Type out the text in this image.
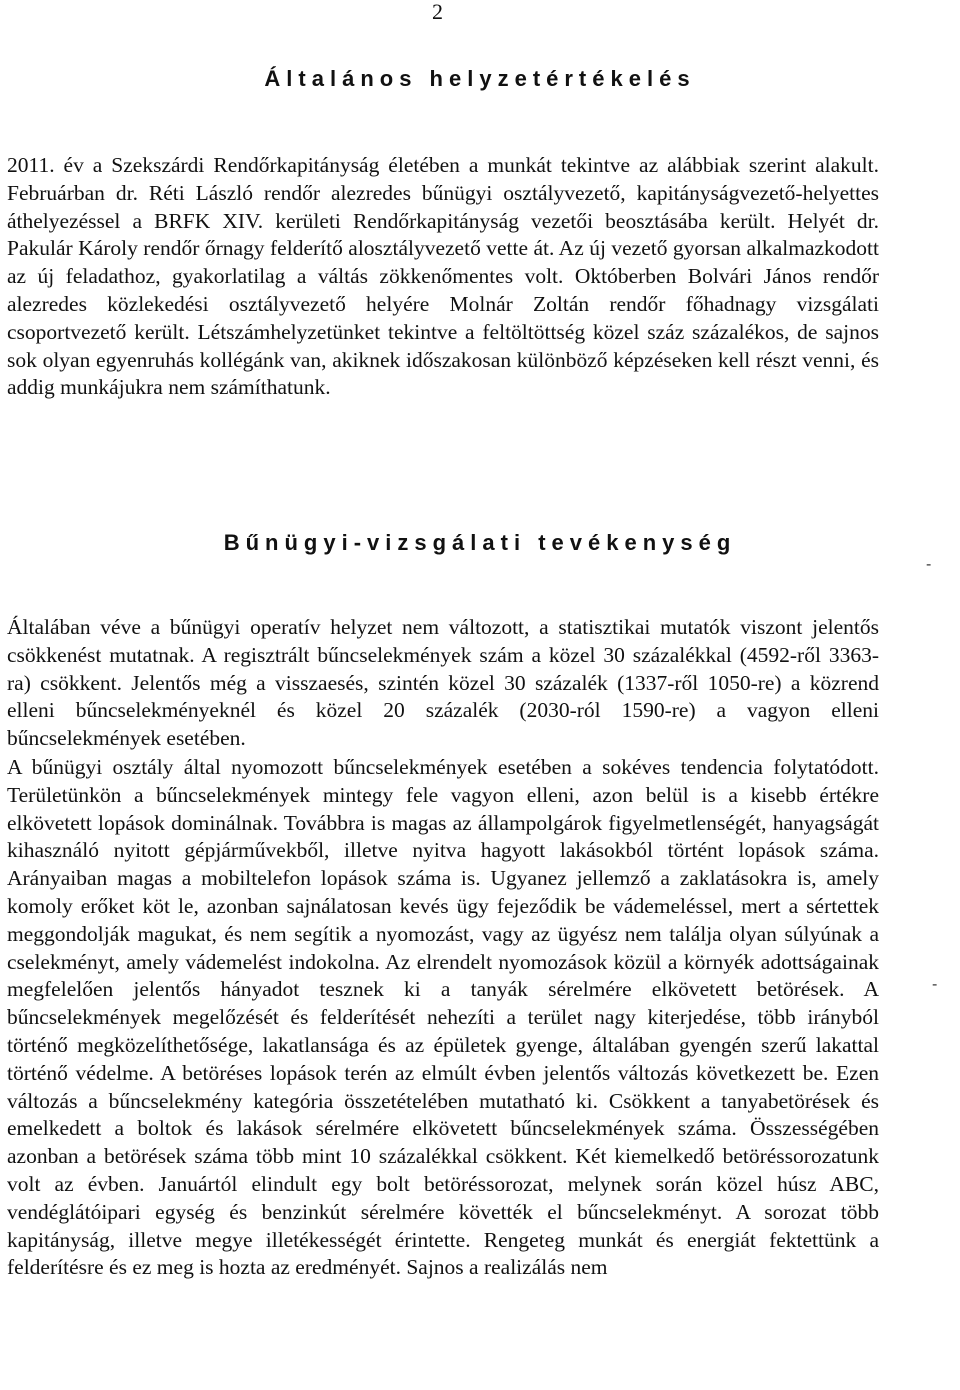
2
Általános helyzetértékelés

2011. év a Szekszárdi Rendőrkapitányság életében a munkát tekintve az alábbiak szerint alakult. Februárban dr. Réti László rendőr alezredes bűnügyi osztályvezető, kapitányságvezető-helyettes áthelyezéssel a BRFK XIV. kerületi Rendőrkapitányság vezetői beosztásába került. Helyét dr. Pakulár Károly rendőr őrnagy felderítő alosztályvezető vette át. Az új vezető gyorsan alkalmazkodott az új feladathoz, gyakorlatilag a váltás zökkenőmentes volt. Októberben Bolvári János rendőr alezredes közlekedési osztályvezető helyére Molnár Zoltán rendőr főhadnagy vizsgálati csoportvezető került. Létszámhelyzetünket tekintve a feltöltöttség közel száz százalékos, de sajnos sok olyan egyenruhás kollégánk van, akiknek időszakosan különböző képzéseken kell részt venni, és addig munkájukra nem számíthatunk.

Bűnügyi-vizsgálati tevékenység
-

Általában véve a bűnügyi operatív helyzet nem változott, a statisztikai mutatók viszont jelentős csökkenést mutatnak. A regisztrált bűncselekmények szám a közel 30 százalékkal (4592-ről 3363- ra) csökkent. Jelentős még a visszaesés, szintén közel 30 százalék (1337-ről 1050-re) a közrend elleni bűncselekményeknél és közel 20 százalék (2030-ról 1590-re) a vagyon elleni bűncselekmények esetében.

A bűnügyi osztály által nyomozott bűncselekmények esetében a sokéves tendencia folytatódott. Területünkön a bűncselekmények mintegy fele vagyon elleni, azon belül is a kisebb értékre elkövetett lopások dominálnak. Továbbra is magas az állampolgárok figyelmetlenségét, hanyagságát kihasználó nyitott gépjárművekből, illetve nyitva hagyott lakásokból történt lopások száma. Arányaiban magas a mobiltelefon lopások száma is. Ugyanez jellemző a zaklatásokra is, amely komoly erőket köt le, azonban sajnálatosan kevés ügy fejeződik be vádemeléssel, mert a sértettek meggondolják magukat, és nem segítik a nyomozást, vagy az ügyész nem találja olyan súlyúnak a cselekményt, amely vádemelést indokolna. Az elrendelt nyomozások közül a környék adottságainak megfelelően jelentős hányadot tesznek ki a tanyák sérelmére elkövetett betörések. A bűncselekmények megelőzését és felderítését nehezíti a terület nagy kiterjedése, több irányból történő megközelíthetősége, lakatlansága és az épületek gyenge, általában gyengén szerű lakattal történő védelme. A betöréses lopások terén az elmúlt évben jelentős változás következett be. Ezen változás a bűncselekmény kategória összetételében mutatható ki. Csökkent a tanyabetörések és emelkedett a boltok és lakások sérelmére elkövetett bűncselekmények száma. Összességében azonban a betörések száma több mint 10 százalékkal csökkent. Két kiemelkedő betöréssorozatunk volt az évben. Januártól elindult egy bolt betöréssorozat, melynek során közel húsz ABC, vendéglátóipari egység és benzinkút sérelmére követték el bűncselekményt. A sorozat több kapitányság, illetve megye illetékességét érintette. Rengeteg munkát és energiát fektettünk a felderítésre és ez meg is hozta az eredményét. Sajnos a realizálás nem

-
